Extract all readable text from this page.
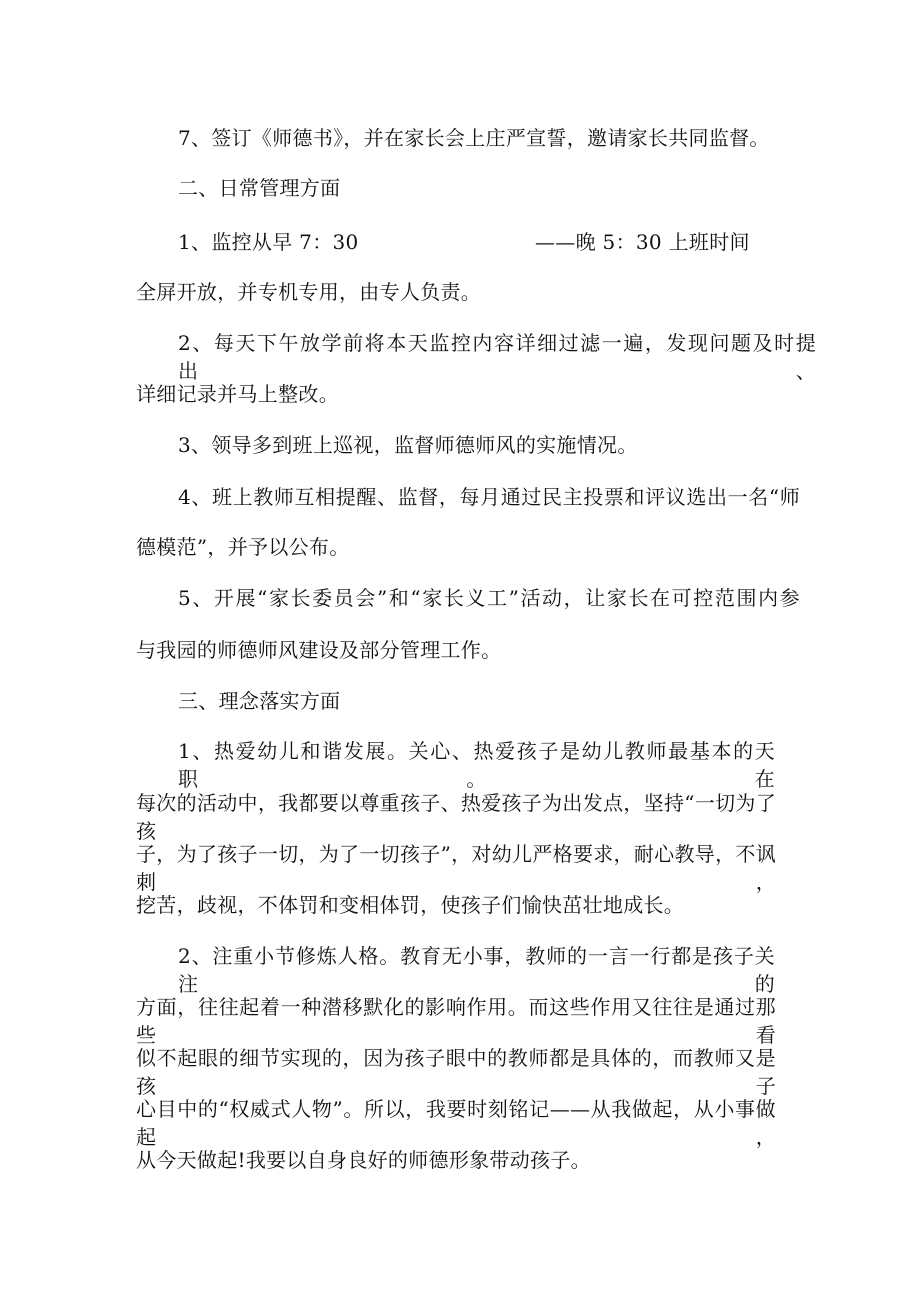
7、签订《师德书》，并在家长会上庄严宣誓，邀请家长共同监督。
二、日常管理方面
1、监控从早 7：30	——晚 5：30 上班时间
全屏开放，并专机专用，由专人负责。
2、每天下午放学前将本天监控内容详细过滤一遍，发现问题及时提出、
详细记录并马上整改。
3、领导多到班上巡视，监督师德师风的实施情况。
4、班上教师互相提醒、监督，每月通过民主投票和评议选出一名“师
德模范”，并予以公布。
5、开展“家长委员会”和“家长义工”活动，让家长在可控范围内参
与我园的师德师风建设及部分管理工作。
三、理念落实方面
1、热爱幼儿和谐发展。关心、热爱孩子是幼儿教师最基本的天职。在
每次的活动中，我都要以尊重孩子、热爱孩子为出发点，坚持“一切为了孩
子，为了孩子一切，为了一切孩子”，对幼儿严格要求，耐心教导，不讽刺，
挖苦，歧视，不体罚和变相体罚，使孩子们愉快茁壮地成长。
2、注重小节修炼人格。教育无小事，教师的一言一行都是孩子关注的
方面，往往起着一种潜移默化的影响作用。而这些作用又往往是通过那些看
似不起眼的细节实现的，因为孩子眼中的教师都是具体的，而教师又是孩子
心目中的“权威式人物”。所以，我要时刻铭记——从我做起，从小事做起，
从今天做起!我要以自身良好的师德形象带动孩子。
